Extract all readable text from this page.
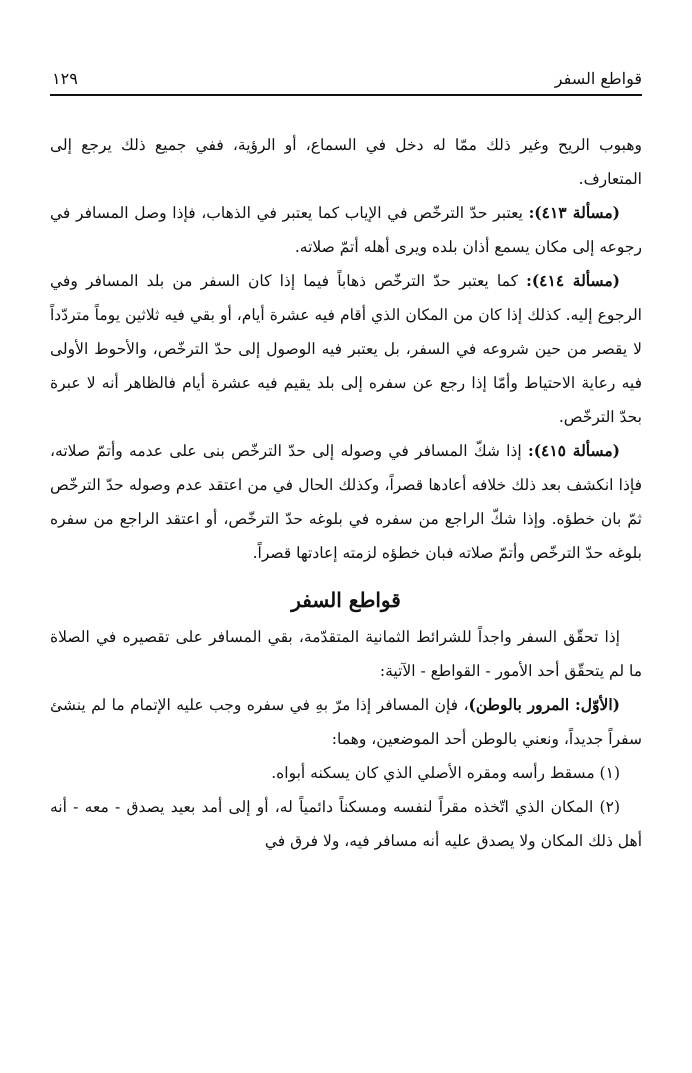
قواطع السفر
١٢٩

وهبوب الريح وغير ذلك ممّا له دخل في السماع، أو الرؤية، ففي جميع ذلك يرجع إلى المتعارف.

(مسألة ٤١٣): يعتبر حدّ الترخّص في الإياب كما يعتبر في الذهاب، فإذا وصل المسافر في رجوعه إلى مكان يسمع أذان بلده ويرى أهله أتمّ صلاته.

(مسألة ٤١٤): كما يعتبر حدّ الترخّص ذهاباً فيما إذا كان السفر من بلد المسافر وفي الرجوع إليه. كذلك إذا كان من المكان الذي أقام فيه عشرة أيام، أو بقي فيه ثلاثين يوماً متردّداً لا يقصر من حين شروعه في السفر، بل يعتبر فيه الوصول إلى حدّ الترخّص، والأحوط الأولى فيه رعاية الاحتياط وأمّا إذا رجع عن سفره إلى بلد يقيم فيه عشرة أيام فالظاهر أنه لا عبرة بحدّ الترخّص.

(مسألة ٤١٥): إذا شكّ المسافر في وصوله إلى حدّ الترخّص بنى على عدمه وأتمّ صلاته، فإذا انكشف بعد ذلك خلافه أعادها قصراً، وكذلك الحال في من اعتقد عدم وصوله حدّ الترخّص ثمّ بان خطؤه. وإذا شكّ الراجع من سفره في بلوغه حدّ الترخّص، أو اعتقد الراجع من سفره بلوغه حدّ الترخّص وأتمّ صلاته فبان خطؤه لزمته إعادتها قصراً.

قواطع السفر

إذا تحقّق السفر واجداً للشرائط الثمانية المتقدّمة، بقي المسافر على تقصيره في الصلاة ما لم يتحقّق أحد الأمور - القواطع - الآتية:

(الأوّل: المرور بالوطن)، فإن المسافر إذا مرّ بهِ في سفره وجب عليه الإتمام ما لم ينشئ سفراً جديداً، ونعني بالوطن أحد الموضعين، وهما:

(١) مسقط رأسه ومقره الأصلي الذي كان يسكنه أبواه.

(٢) المكان الذي اتّخذه مقراً لنفسه ومسكناً دائمياً له، أو إلى أمد بعيد يصدق - معه - أنه أهل ذلك المكان ولا يصدق عليه أنه مسافر فيه، ولا فرق في
